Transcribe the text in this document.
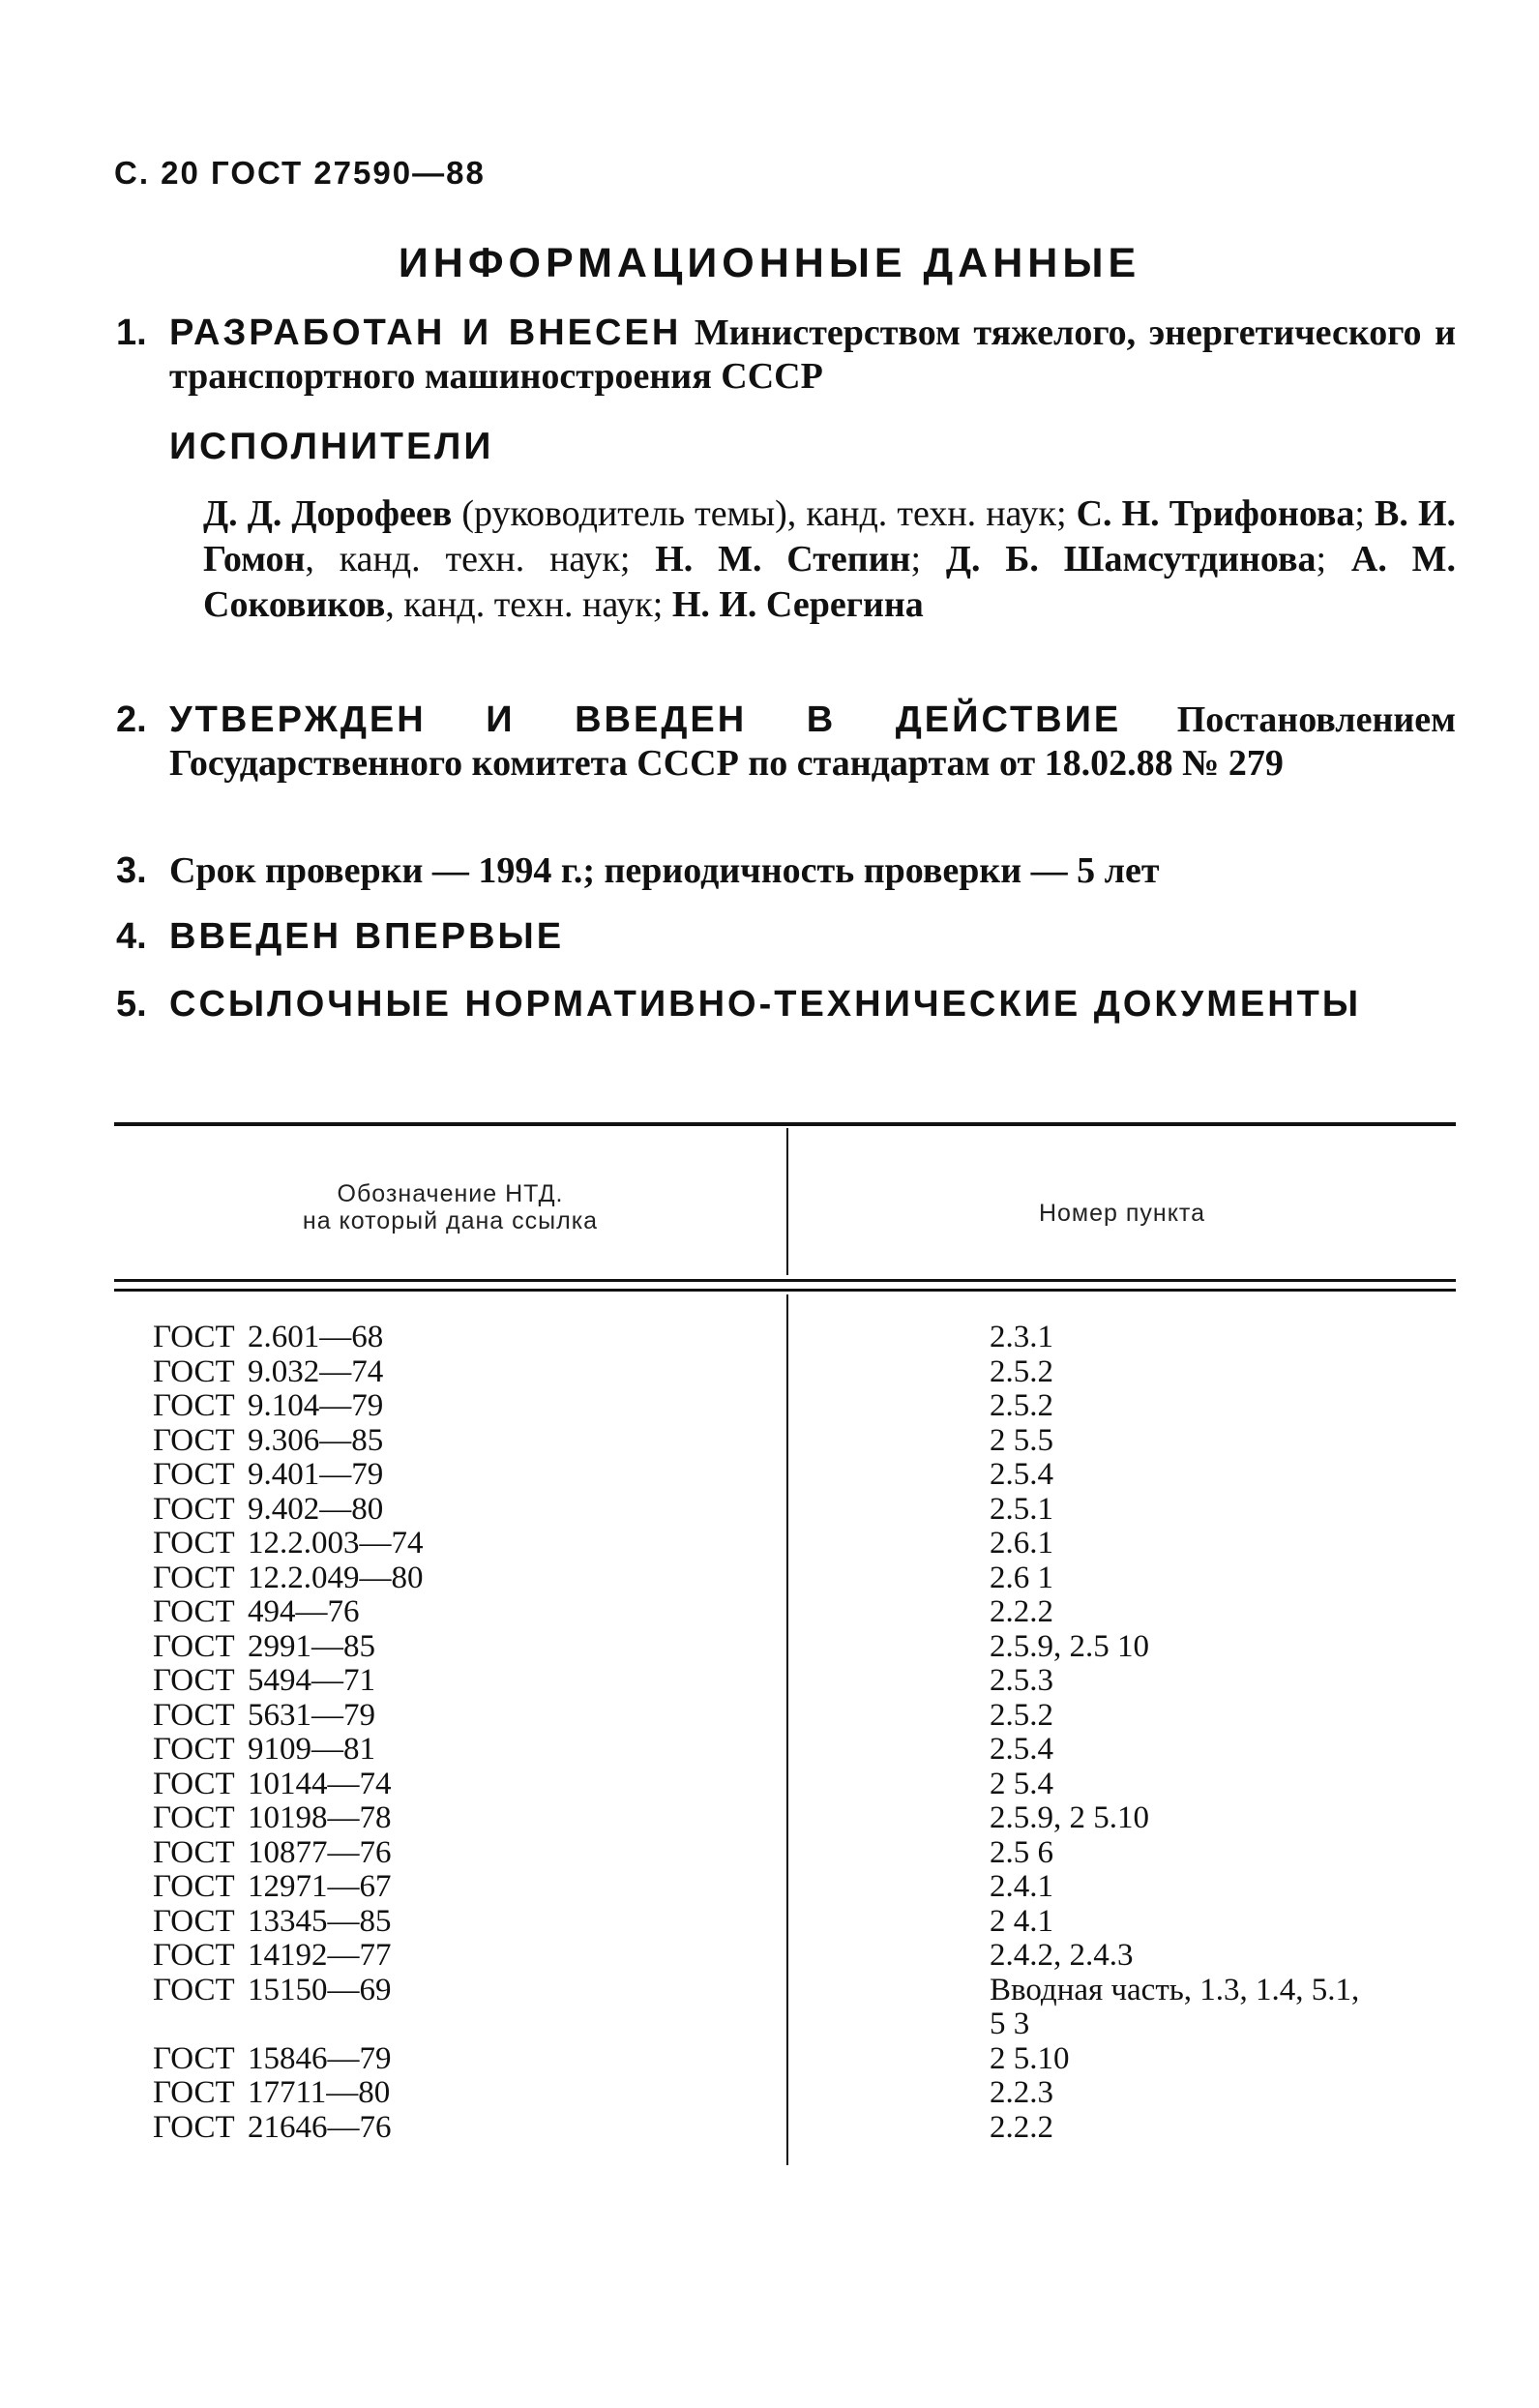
С. 20 ГОСТ 27590—88
ИНФОРМАЦИОННЫЕ ДАННЫЕ
1. РАЗРАБОТАН И ВНЕСЕН Министерством тяжелого, энергетического и транспортного машиностроения СССР
ИСПОЛНИТЕЛИ
Д. Д. Дорофеев (руководитель темы), канд. техн. наук; С. Н. Трифонова; В. И. Гомон, канд. техн. наук; Н. М. Степин; Д. Б. Шамсутдинова; А. М. Соковиков, канд. техн. наук; Н. И. Серегина
2. УТВЕРЖДЕН И ВВЕДЕН В ДЕЙСТВИЕ Постановлением Государственного комитета СССР по стандартам от 18.02.88 № 279
3. Срок проверки — 1994 г.; периодичность проверки — 5 лет
4. ВВЕДЕН ВПЕРВЫЕ
5. ССЫЛОЧНЫЕ НОРМАТИВНО-ТЕХНИЧЕСКИЕ ДОКУМЕНТЫ
Обозначение НТД.
на который дана ссылка	Номер пункта
ГОСТ 2.601—68	2.3.1
ГОСТ 9.032—74	2.5.2
ГОСТ 9.104—79	2.5.2
ГОСТ 9.306—85	2 5.5
ГОСТ 9.401—79	2.5.4
ГОСТ 9.402—80	2.5.1
ГОСТ 12.2.003—74	2.6.1
ГОСТ 12.2.049—80	2.6 1
ГОСТ 494—76	2.2.2
ГОСТ 2991—85	2.5.9, 2.5 10
ГОСТ 5494—71	2.5.3
ГОСТ 5631—79	2.5.2
ГОСТ 9109—81	2.5.4
ГОСТ 10144—74	2 5.4
ГОСТ 10198—78	2.5.9, 2 5.10
ГОСТ 10877—76	2.5 6
ГОСТ 12971—67	2.4.1
ГОСТ 13345—85	2 4.1
ГОСТ 14192—77	2.4.2, 2.4.3
ГОСТ 15150—69	Вводная часть, 1.3, 1.4, 5.1, 5 3
ГОСТ 15846—79	2 5.10
ГОСТ 17711—80	2.2.3
ГОСТ 21646—76	2.2.2
